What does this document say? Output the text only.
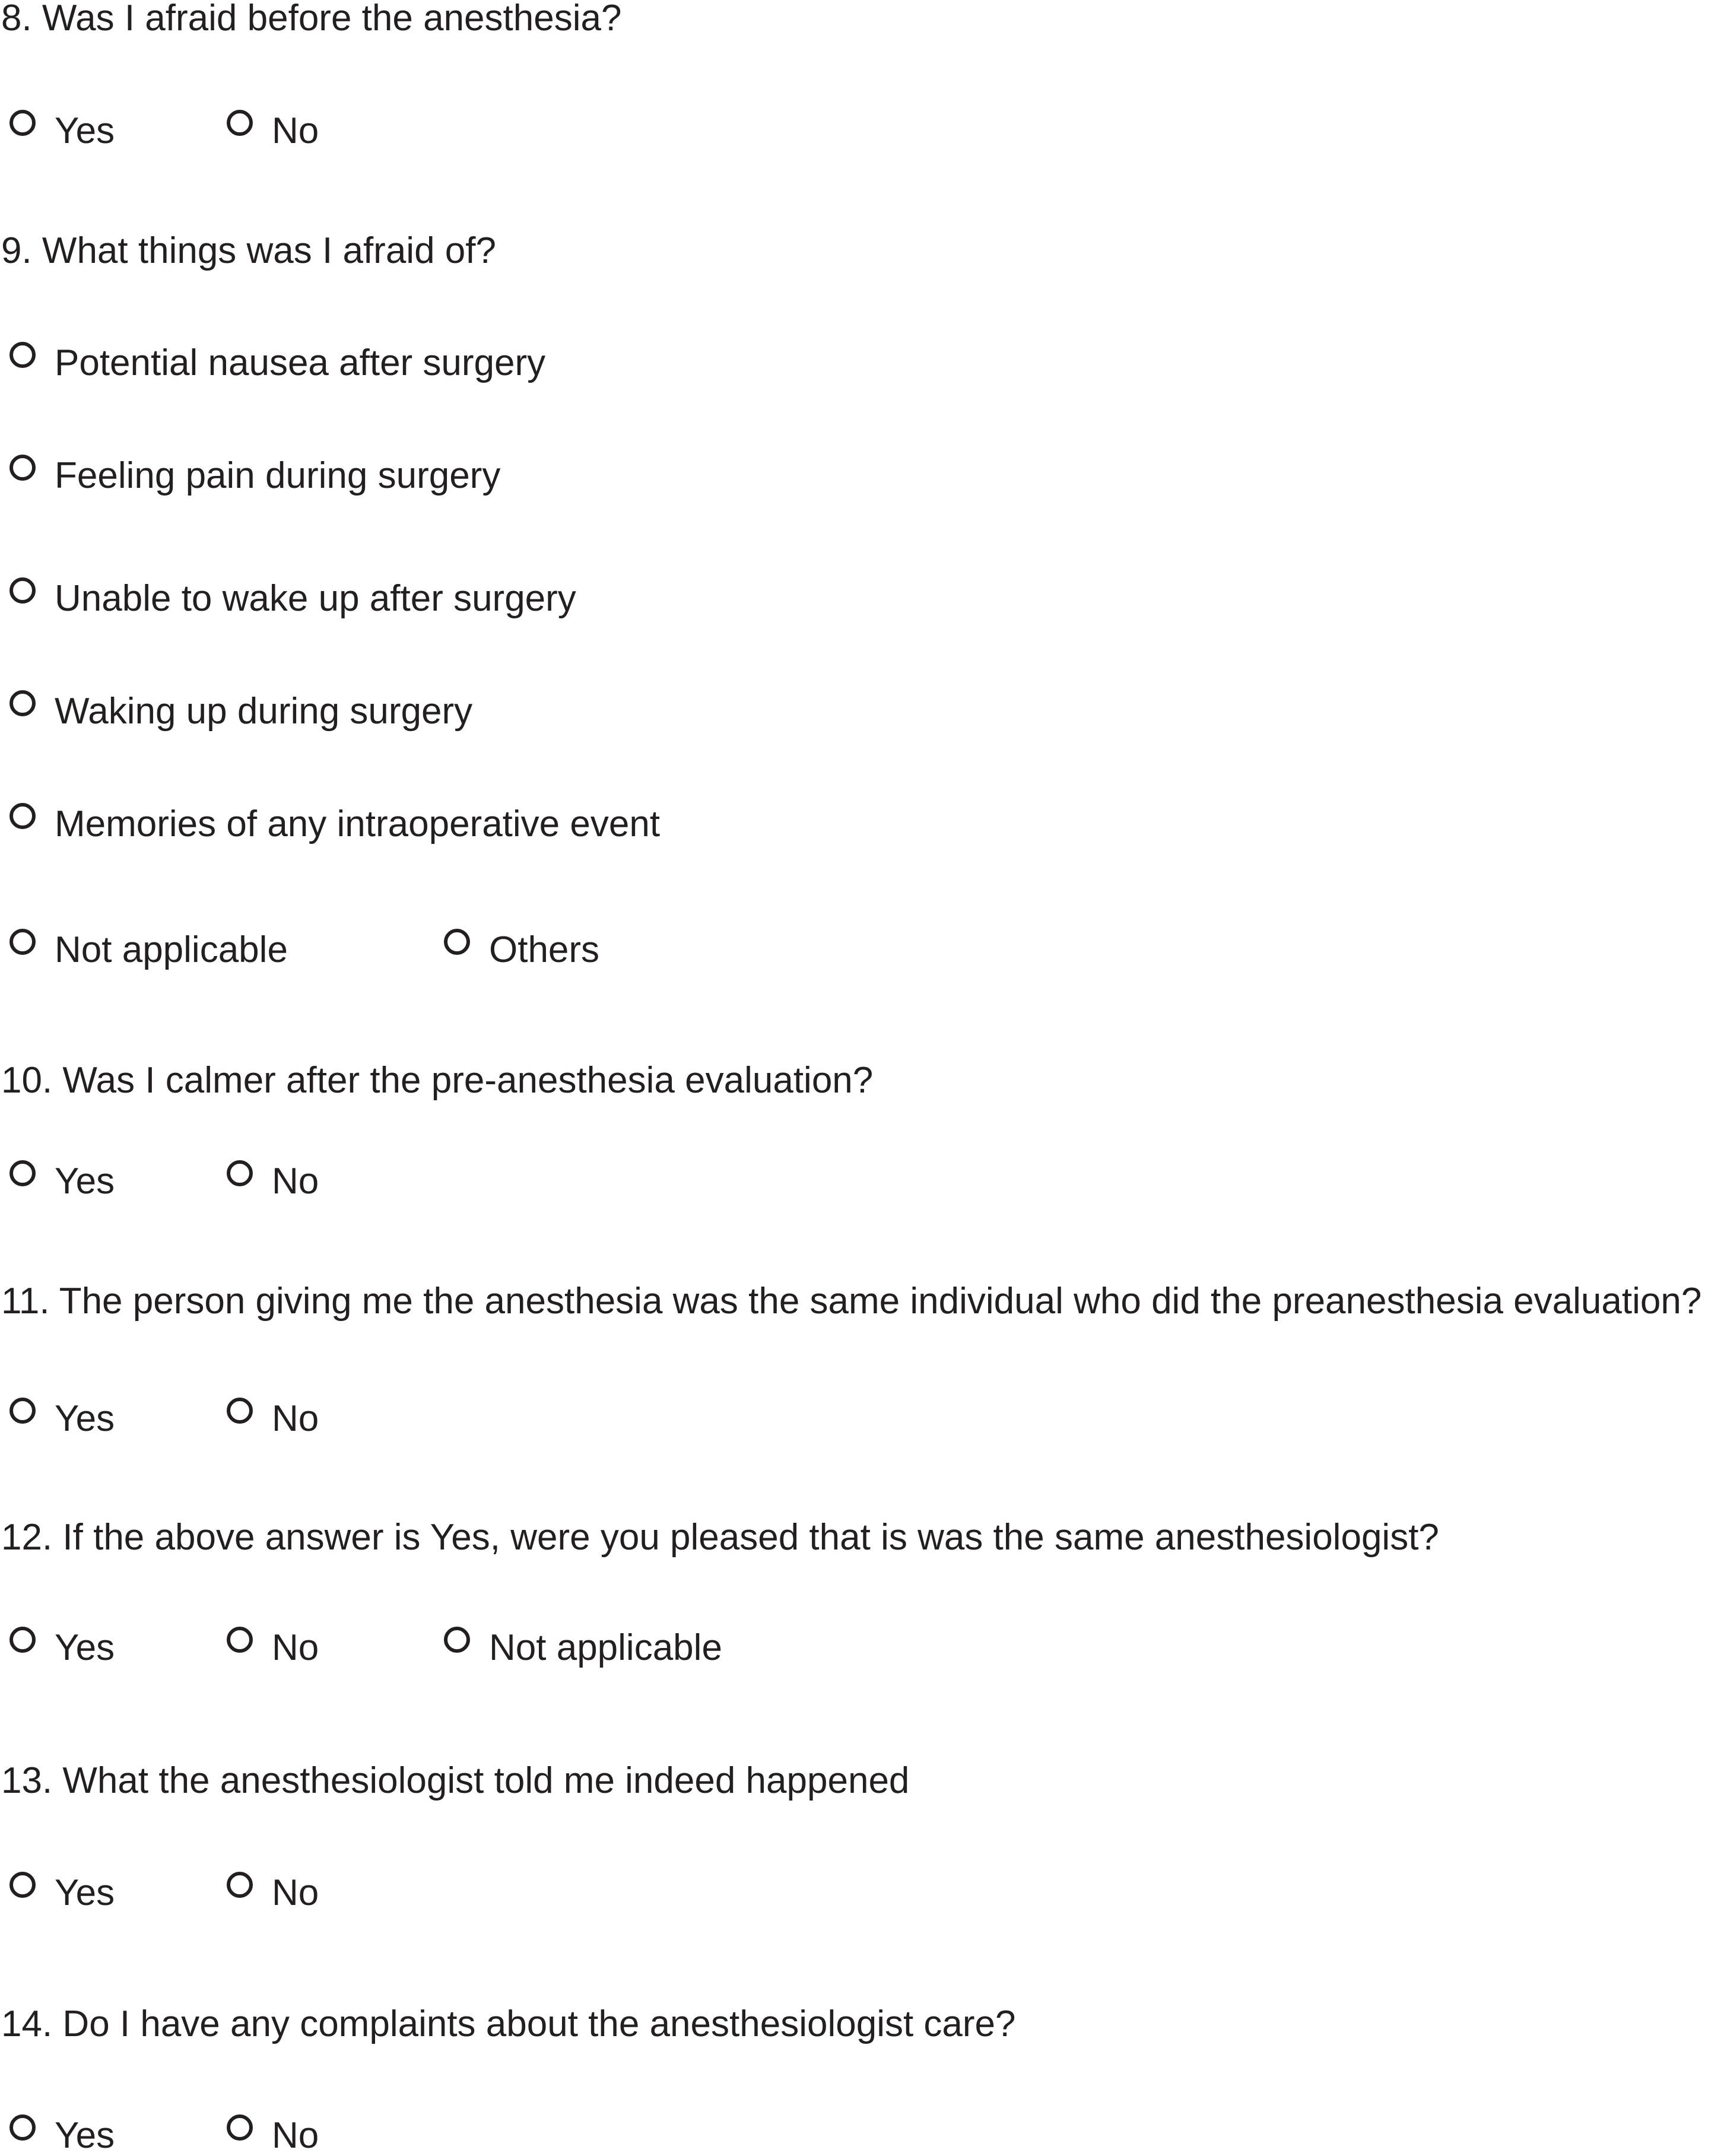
8. Was I afraid before the anesthesia?
Yes	No
9. What things was I afraid of?
Potential nausea after surgery
Feeling pain during surgery
Unable to wake up after surgery
Waking up during surgery
Memories of any intraoperative event
Not applicable	Others
10. Was I calmer after the pre-anesthesia evaluation?
Yes	No
11. The person giving me the anesthesia was the same individual who did the preanesthesia evaluation?
Yes	No
12. If the above answer is Yes, were you pleased that is was the same anesthesiologist?
Yes	No	Not applicable
13. What the anesthesiologist told me indeed happened
Yes	No
14. Do I have any complaints about the anesthesiologist care?
Yes	No
